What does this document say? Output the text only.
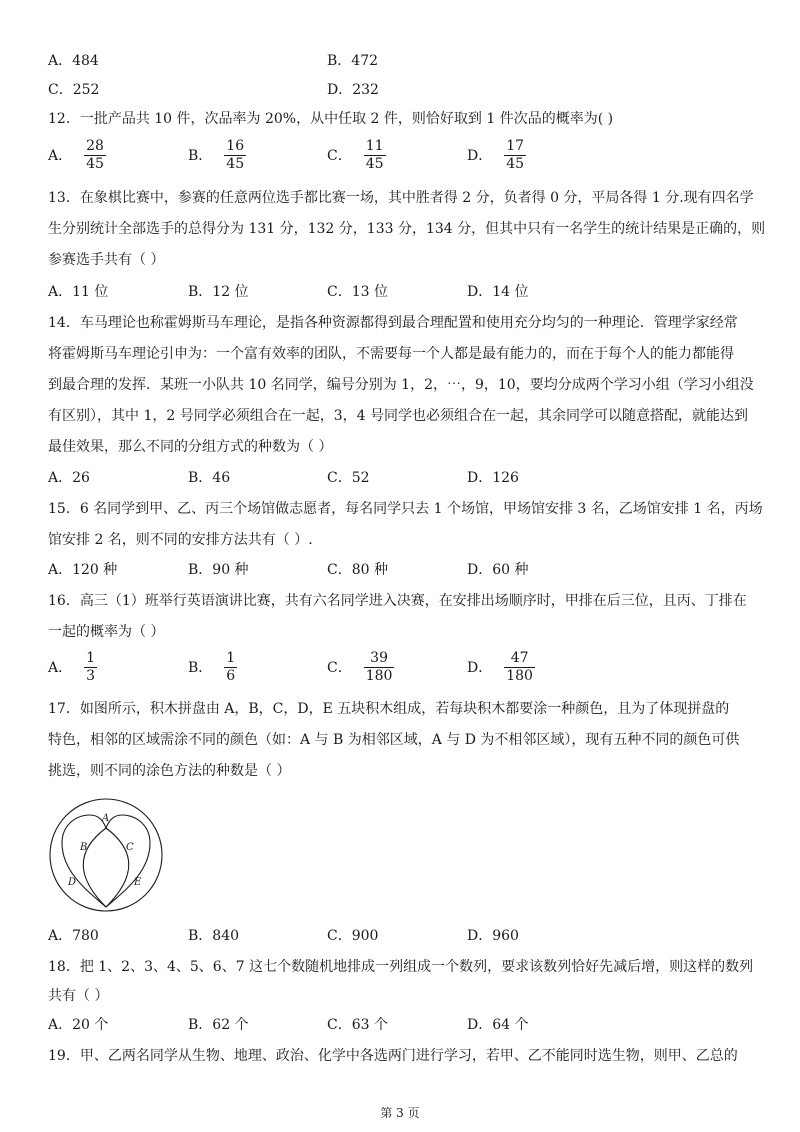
A．484	B．472
C．252	D．232
12．一批产品共 10 件，次品率为 20%，从中任取 2 件，则恰好取到 1 件次品的概率为( )
A． $\frac{28}{45}$	B． $\frac{16}{45}$	C． $\frac{11}{45}$	D． $\frac{17}{45}$
13．在象棋比赛中，参赛的任意两位选手都比赛一场，其中胜者得 2 分，负者得 0 分，平局各得 1 分.现有四名学
生分别统计全部选手的总得分为 131 分，132 分，133 分，134 分，但其中只有一名学生的统计结果是正确的，则
参赛选手共有（ ）
A．11 位	B．12 位	C．13 位	D．14 位
14．车马理论也称霍姆斯马车理论，是指各种资源都得到最合理配置和使用充分均匀的一种理论．管理学家经常
将霍姆斯马车理论引申为：一个富有效率的团队，不需要每一个人都是最有能力的，而在于每个人的能力都能得
到最合理的发挥．某班一小队共 10 名同学，编号分别为 1，2，⋯，9，10，要均分成两个学习小组（学习小组没
有区别），其中 1，2 号同学必须组合在一起，3，4 号同学也必须组合在一起，其余同学可以随意搭配，就能达到
最佳效果，那么不同的分组方式的种数为（ ）
A．26	B．46	C．52	D．126
15．6 名同学到甲、乙、丙三个场馆做志愿者，每名同学只去 1 个场馆，甲场馆安排 3 名，乙场馆安排 1 名，丙场
馆安排 2 名，则不同的安排方法共有（ ）.
A．120 种	B．90 种	C．80 种	D．60 种
16．高三（1）班举行英语演讲比赛，共有六名同学进入决赛，在安排出场顺序时，甲排在后三位，且丙、丁排在
一起的概率为（ ）
A． $\frac{1}{3}$	B． $\frac{1}{6}$	C． $\frac{39}{180}$	D． $\frac{47}{180}$
17．如图所示，积木拼盘由 A，B，C，D，E 五块积木组成，若每块积木都要涂一种颜色，且为了体现拼盘的
特色，相邻的区域需涂不同的颜色（如：A 与 B 为相邻区域，A 与 D 为不相邻区域），现有五种不同的颜色可供
挑选，则不同的涂色方法的种数是（ ）
A
B	C
D	E
A．780	B．840	C．900	D．960
18．把 1、2、3、4、5、6、7 这七个数随机地排成一列组成一个数列，要求该数列恰好先减后增，则这样的数列
共有（ ）
A．20 个	B．62 个	C．63 个	D．64 个
19．甲、乙两名同学从生物、地理、政治、化学中各选两门进行学习，若甲、乙不能同时选生物，则甲、乙总的
第 3 页
